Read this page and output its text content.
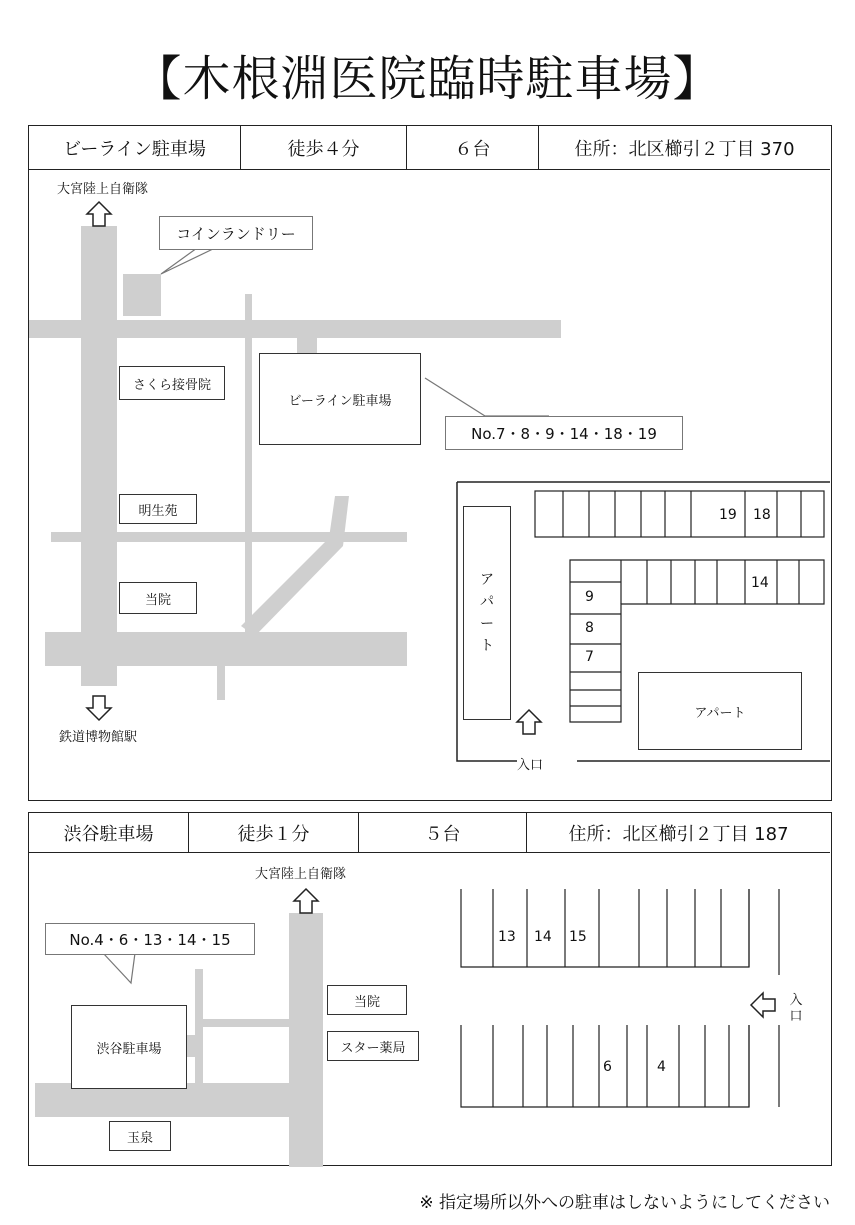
【木根淵医院臨時駐車場】
ビーライン駐車場	徒歩４分	６台	住所：北区櫛引２丁目 370
大宮陸上自衛隊
鉄道博物館駅
コインランドリー
さくら接骨院
ビーライン駐車場
No.7・8・9・14・18・19
明生苑
当院
アパート
アパート
19 18
14
9
8
7
入口
渋谷駐車場	徒歩１分	５台	住所：北区櫛引２丁目 187
大宮陸上自衛隊
No.4・6・13・14・15
渋谷駐車場
当院
スター薬局
玉泉
13 14 15
6	4
入口
※ 指定場所以外への駐車はしないようにしてください
